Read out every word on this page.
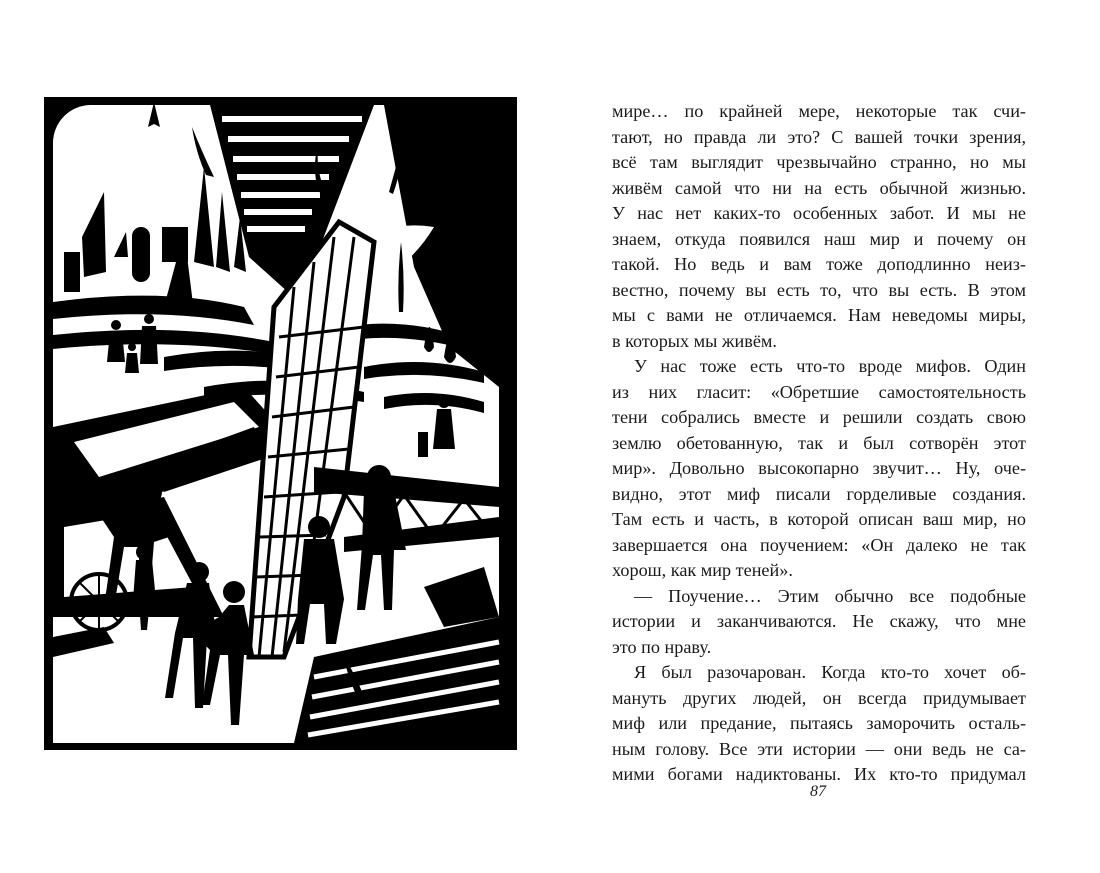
мире… по крайней мере, некоторые так счи-
тают, но правда ли это? С вашей точки зрения,
всё там выглядит чрезвычайно странно, но мы
живём самой что ни на есть обычной жизнью.
У нас нет каких-то особенных забот. И мы не
знаем, откуда появился наш мир и почему он
такой. Но ведь и вам тоже доподлинно неиз-
вестно, почему вы есть то, что вы есть. В этом
мы с вами не отличаемся. Нам неведомы миры,
в которых мы живём.
У нас тоже есть что-то вроде мифов. Один
из них гласит: «Обретшие самостоятельность
тени собрались вместе и решили создать свою
землю обетованную, так и был сотворён этот
мир». Довольно высокопарно звучит… Ну, оче-
видно, этот миф писали горделивые создания.
Там есть и часть, в которой описан ваш мир, но
завершается она поучением: «Он далеко не так
хорош, как мир теней».
— Поучение… Этим обычно все подобные
истории и заканчиваются. Не скажу, что мне
это по нраву.
Я был разочарован. Когда кто-то хочет об-
мануть других людей, он всегда придумывает
миф или предание, пытаясь заморочить осталь-
ным голову. Все эти истории — они ведь не са-
мими богами надиктованы. Их кто-то придумал
87
